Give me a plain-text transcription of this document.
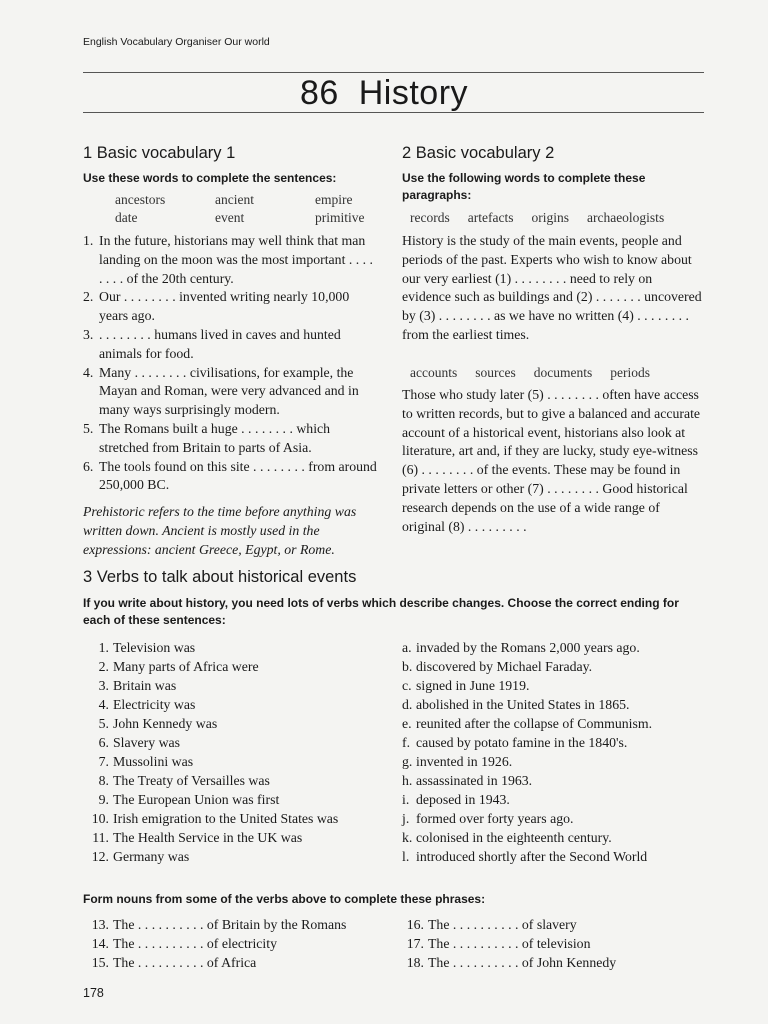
English Vocabulary Organiser Our world
86 History
1 Basic vocabulary 1
Use these words to complete the sentences:
ancestors	ancient	empire
date	event	primitive
1. In the future, historians may well think that man landing on the moon was the most important . . . . . . . . of the 20th century.
2. Our . . . . . . . . invented writing nearly 10,000 years ago.
3. . . . . . . . . humans lived in caves and hunted animals for food.
4. Many . . . . . . . . civilisations, for example, the Mayan and Roman, were very advanced and in many ways surprisingly modern.
5. The Romans built a huge . . . . . . . . which stretched from Britain to parts of Asia.
6. The tools found on this site . . . . . . . . from around 250,000 BC.
Prehistoric refers to the time before anything was written down. Ancient is mostly used in the expressions: ancient Greece, Egypt, or Rome.
2 Basic vocabulary 2
Use the following words to complete these paragraphs:
records artefacts origins archaeologists
History is the study of the main events, people and periods of the past. Experts who wish to know about our very earliest (1) . . . . . . . . need to rely on evidence such as buildings and (2) . . . . . . . uncovered by (3) . . . . . . . . as we have no written (4) . . . . . . . . from the earliest times.
accounts sources documents periods
Those who study later (5) . . . . . . . . often have access to written records, but to give a balanced and accurate account of a historical event, historians also look at literature, art and, if they are lucky, study eye-witness (6) . . . . . . . . of the events. These may be found in private letters or other (7) . . . . . . . . Good historical research depends on the use of a wide range of original (8) . . . . . . . . .
3 Verbs to talk about historical events
If you write about history, you need lots of verbs which describe changes. Choose the correct ending for each of these sentences:
1. Television was
2. Many parts of Africa were
3. Britain was
4. Electricity was
5. John Kennedy was
6. Slavery was
7. Mussolini was
8. The Treaty of Versailles was
9. The European Union was first
10. Irish emigration to the United States was
11. The Health Service in the UK was
12. Germany was
a. invaded by the Romans 2,000 years ago.
b. discovered by Michael Faraday.
c. signed in June 1919.
d. abolished in the United States in 1865.
e. reunited after the collapse of Communism.
f. caused by potato famine in the 1840's.
g. invented in 1926.
h. assassinated in 1963.
i. deposed in 1943.
j. formed over forty years ago.
k. colonised in the eighteenth century.
l. introduced shortly after the Second World
Form nouns from some of the verbs above to complete these phrases:
13. The . . . . . . . . . . of Britain by the Romans
14. The . . . . . . . . . . of electricity
15. The . . . . . . . . . . of Africa
16. The . . . . . . . . . . of slavery
17. The . . . . . . . . . . of television
18. The . . . . . . . . . . of John Kennedy
178
